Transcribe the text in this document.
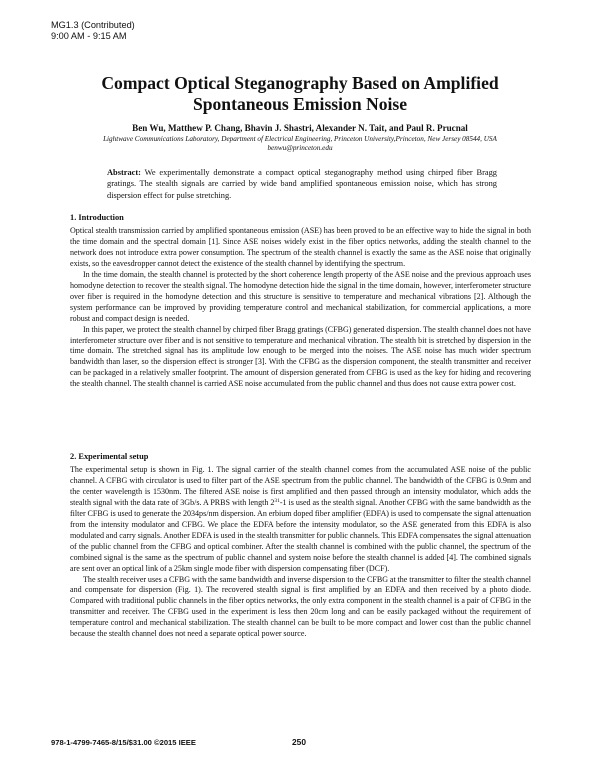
MG1.3 (Contributed)
9:00 AM - 9:15 AM
Compact Optical Steganography Based on Amplified
Spontaneous Emission Noise
Ben Wu, Matthew P. Chang, Bhavin J. Shastri, Alexander N. Tait, and Paul R. Prucnal
Lightwave Communications Laboratory, Department of Electrical Engineering, Princeton University,Princeton, New Jersey 08544, USA
benwu@princeton.edu
Abstract: We experimentally demonstrate a compact optical steganography method using chirped fiber Bragg gratings. The stealth signals are carried by wide band amplified spontaneous emission noise, which has strong dispersion effect for pulse stretching.
1. Introduction

Optical stealth transmission carried by amplified spontaneous emission (ASE) has been proved to be an effective way to hide the signal in both the time domain and the spectral domain [1]. Since ASE noises widely exist in the fiber optics networks, adding the stealth channel to the network does not introduce extra power consumption. The spectrum of the stealth channel is exactly the same as the ASE noise that originally exists, so the eavesdropper cannot detect the existence of the stealth channel by identifying the spectrum.

In the time domain, the stealth channel is protected by the short coherence length property of the ASE noise and the previous approach uses homodyne detection to recover the stealth signal. The homodyne detection hide the signal in the time domain, however, interferometer structure over fiber is required in the homodyne detection and this structure is sensitive to temperature and mechanical vibrations [2]. Although the system performance can be improved by providing temperature control and mechanical stabilization, for commercial applications, a more robust and compact design is needed.

In this paper, we protect the stealth channel by chirped fiber Bragg gratings (CFBG) generated dispersion. The stealth channel does not have interferometer structure over fiber and is not sensitive to temperature and mechanical vibration. The stealth bit is stretched by dispersion in the time domain. The stretched signal has its amplitude low enough to be merged into the noises. The ASE noise has much wider spectrum bandwidth than laser, so the dispersion effect is stronger [3]. With the CFBG as the dispersion component, the stealth transmitter and receiver can be packaged in a relatively smaller footprint. The amount of dispersion generated from CFBG is used as the key for hiding and recovering the stealth channel. The stealth channel is carried ASE noise accumulated from the public channel and thus does not cause extra power cost.

2. Experimental setup

The experimental setup is shown in Fig. 1. The signal carrier of the stealth channel comes from the accumulated ASE noise of the public channel. A CFBG with circulator is used to filter part of the ASE spectrum from the public channel. The bandwidth of the CFBG is 0.9nm and the center wavelength is 1530nm. The filtered ASE noise is first amplified and then passed through an intensity modulator, which adds the stealth signal with the data rate of 3Gb/s. A PRBS with length $2^{31}-1$ is used as the stealth signal. Another CFBG with the same bandwidth as the filter CFBG is used to generate the 2034ps/nm dispersion. An erbium doped fiber amplifier (EDFA) is used to compensate the signal attenuation from the intensity modulator and CFBG. We place the EDFA before the intensity modulator, so the ASE generated from this EDFA is also modulated and carry signals. Another EDFA is used in the stealth transmitter for public channels. This EDFA compensates the signal attenuation of the public channel from the CFBG and optical combiner. After the stealth channel is combined with the public channel, the spectrum of the combined signal is the same as the spectrum of public channel and system noise before the stealth channel is added [4]. The combined signals are sent over an optical link of a 25km single mode fiber with dispersion compensating fiber (DCF).

The stealth receiver uses a CFBG with the same bandwidth and inverse dispersion to the CFBG at the transmitter to filter the stealth channel and compensate for dispersion (Fig. 1). The recovered stealth signal is first amplified by an EDFA and then received by a photo diode. Compared with traditional public channels in the fiber optics networks, the only extra component in the stealth channel is a pair of CFBG in the transmitter and receiver. The CFBG used in the experiment is less then 20cm long and can be easily packaged without the requirement of temperature control and mechanical stabilization. The stealth channel can be built to be more compact and lower cost than the public channel because the stealth channel does not need a separate optical power source.

978-1-4799-7465-8/15/$31.00 ©2015 IEEE	250
